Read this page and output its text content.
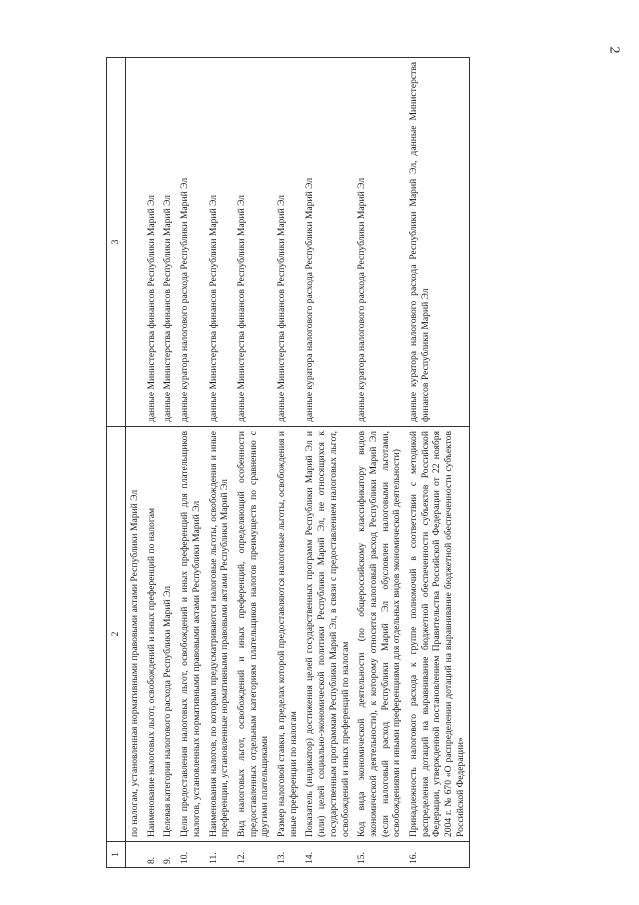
2
1	2	3
	по налогам, установленная нормативными правовыми актами Республики Марий Эл	
8.	Наименование налоговых льгот, освобождений и иных преференций по налогам	данные Министерства финансов Республики Марий Эл
9.	Целевая категория налогового расхода Республики Марий Эл	данные Министерства финансов Республики Марий Эл
10.	Цели предоставления налоговых льгот, освобождений и иных преференций для плательщиков налогов, установленных нормативными правовыми актами Республики Марий Эл	данные куратора налогового расхода Республики Марий Эл
11.	Наименования налогов, по которым предусматриваются налоговые льготы, освобождения и иные преференции, установленные нормативными правовыми актами Республики Марий Эл	данные Министерства финансов Республики Марий Эл
12.	Вид налоговых льгот, освобождений и иных преференций, определяющий особенности предоставленных отдельным категориям плательщиков налогов преимуществ по сравнению с другими плательщиками	данные Министерства финансов Республики Марий Эл
13.	Размер налоговой ставки, в пределах которой предоставляются налоговые льготы, освобождения и иные преференции по налогам	данные Министерства финансов Республики Марий Эл
14.	Показатель (индикатор) достижения целей государственных программ Республики Марий Эл и (или) целей социально-экономической политики Республики Марий Эл, не относящихся к государственным программам Республики Марий Эл, в связи с предоставлением налоговых льгот, освобождений и иных преференций по налогам	данные куратора налогового расхода Республики Марий Эл
15.	Код вида экономической деятельности (по общероссийскому классификатору видов экономической деятельности), к которому относится налоговый расход Республики Марий Эл (если налоговый расход Республики Марий Эл обусловлен налоговыми льготами, освобождениями и иными преференциями для отдельных видов экономической деятельности)	данные куратора налогового расхода Республики Марий Эл
16.	Принадлежность налогового расхода к группе полномочий в соответствии с методикой распределения дотаций на выравнивание бюджетной обеспеченности субъектов Российской Федерации, утвержденной постановлением Правительства Российской Федерации от 22 ноября 2004 г. № 670 «О распределении дотаций на выравнивание бюджетной обеспеченности субъектов Российской Федерации»	данные куратора налогового расхода Республики Марий Эл, данные Министерства финансов Республики Марий Эл
